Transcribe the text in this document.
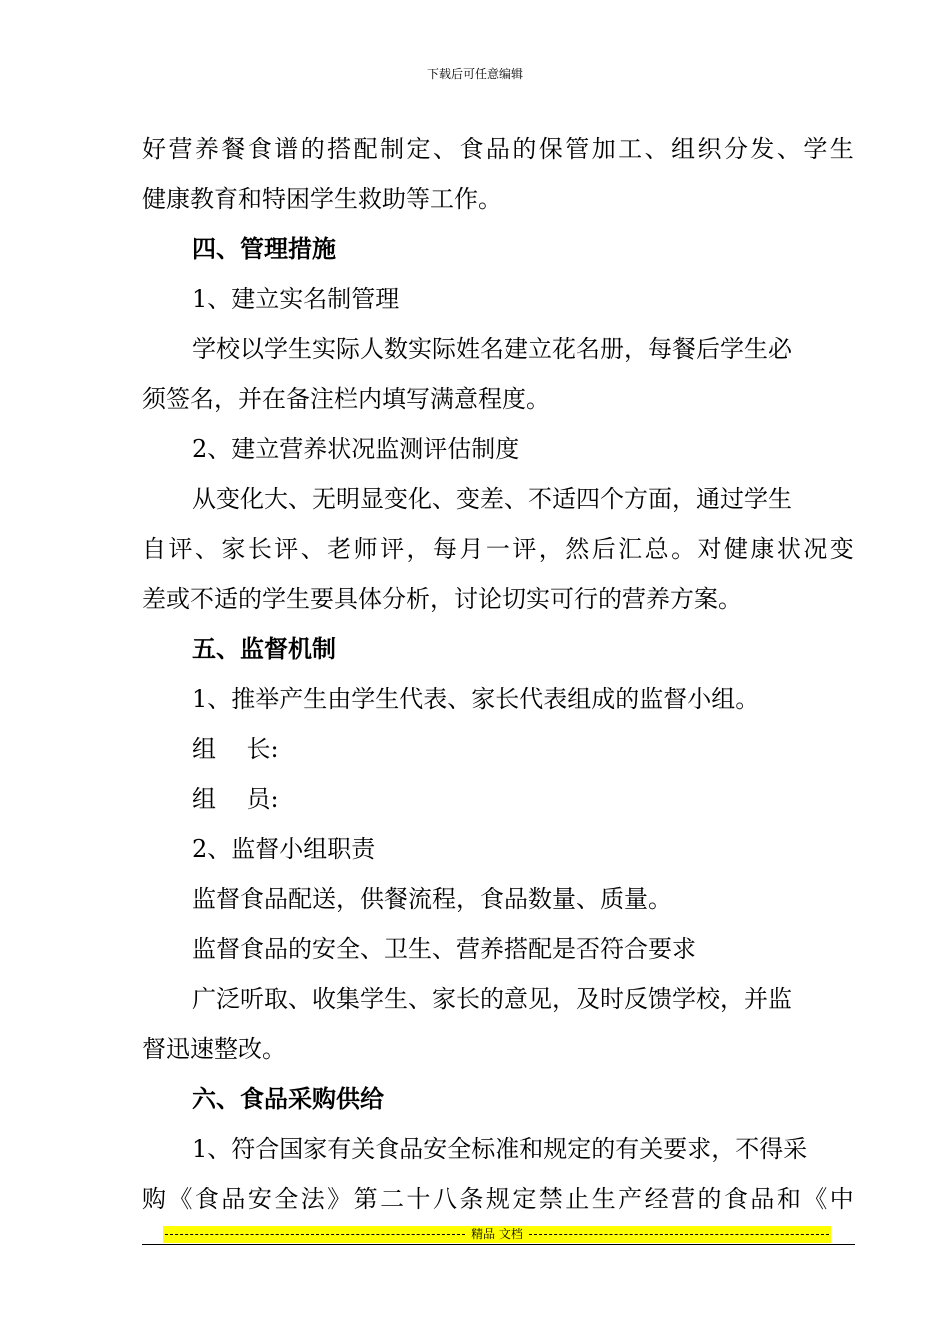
下载后可任意编辑
好 营 养 餐 食 谱 的 搭 配 制 定 、 食 品 的 保 管 加 工 、 组 织 分 发 、 学 生
健康教育和特困学生救助等工作。
四、管理措施
1、建立实名制管理
学校以学生实际人数实际姓名建立花名册，每餐后学生必
须签名，并在备注栏内填写满意程度。
2、建立营养状况监测评估制度
从变化大、无明显变化、变差、不适四个方面，通过学生
自 评 、 家 长 评 、 老 师 评 ， 每 月 一 评 ， 然 后 汇 总 。 对 健 康 状 况 变
差或不适的学生要具体分析，讨论切实可行的营养方案。
五、监督机制
1、推举产生由学生代表、家长代表组成的监督小组。
组    长:
组    员:
2、监督小组职责
监督食品配送，供餐流程，食品数量、质量。
监督食品的安全、卫生、营养搭配是否符合要求
广泛听取、收集学生、家长的意见，及时反馈学校，并监
督迅速整改。
六、食品采购供给
1、符合国家有关食品安全标准和规定的有关要求，不得采
购 《 食 品 安 全 法 》 第 二 十 八 条 规 定 禁 止 生 产 经 营 的 食 品 和 《 中
精品 文档
